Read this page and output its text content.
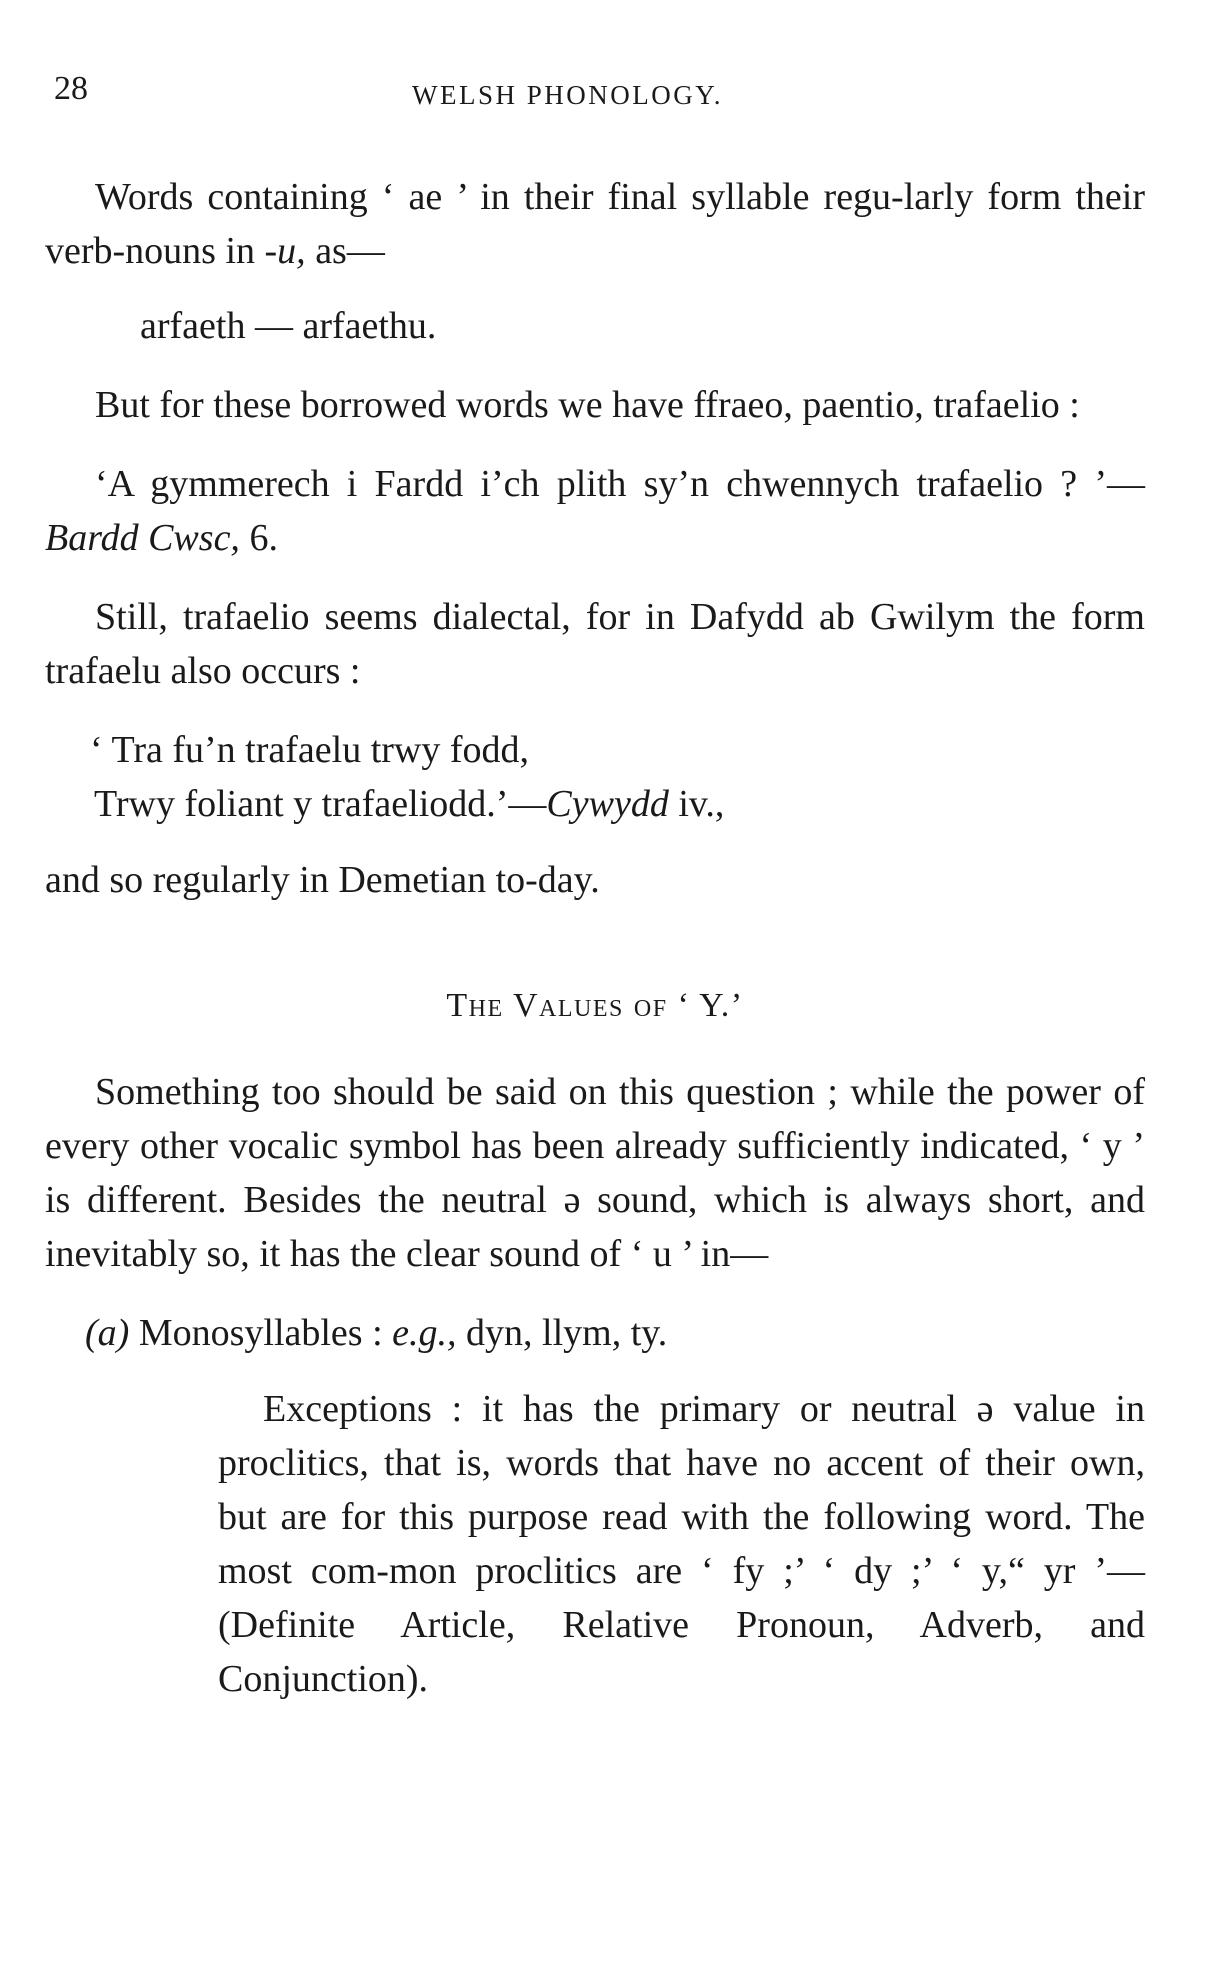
28	WELSH PHONOLOGY.

Words containing ‘ ae ’ in their final syllable regu-larly form their verb-nouns in -u, as—

arfaeth — arfaethu.

But for these borrowed words we have ffraeo, paentio, trafaelio :

‘A gymmerech i Fardd i’ch plith sy’n chwennych trafaelio ? ’—Bardd Cwsc, 6.

Still, trafaelio seems dialectal, for in Dafydd ab Gwilym the form trafaelu also occurs :

‘ Tra fu’n trafaelu trwy fodd,
Trwy foliant y trafaeliodd.’—Cywydd iv.,

and so regularly in Demetian to-day.

The Values of ‘ Y.’

Something too should be said on this question ; while the power of every other vocalic symbol has been already sufficiently indicated, ‘ y ’ is different. Besides the neutral ə sound, which is always short, and inevitably so, it has the clear sound of ‘ u ’ in—

(a) Monosyllables : e.g., dyn, llym, ty.

Exceptions : it has the primary or neutral ə value in proclitics, that is, words that have no accent of their own, but are for this purpose read with the following word. The most com-mon proclitics are ‘ fy ;’ ‘ dy ;’ ‘ y,“ yr ’— (Definite Article, Relative Pronoun, Adverb, and Conjunction).
